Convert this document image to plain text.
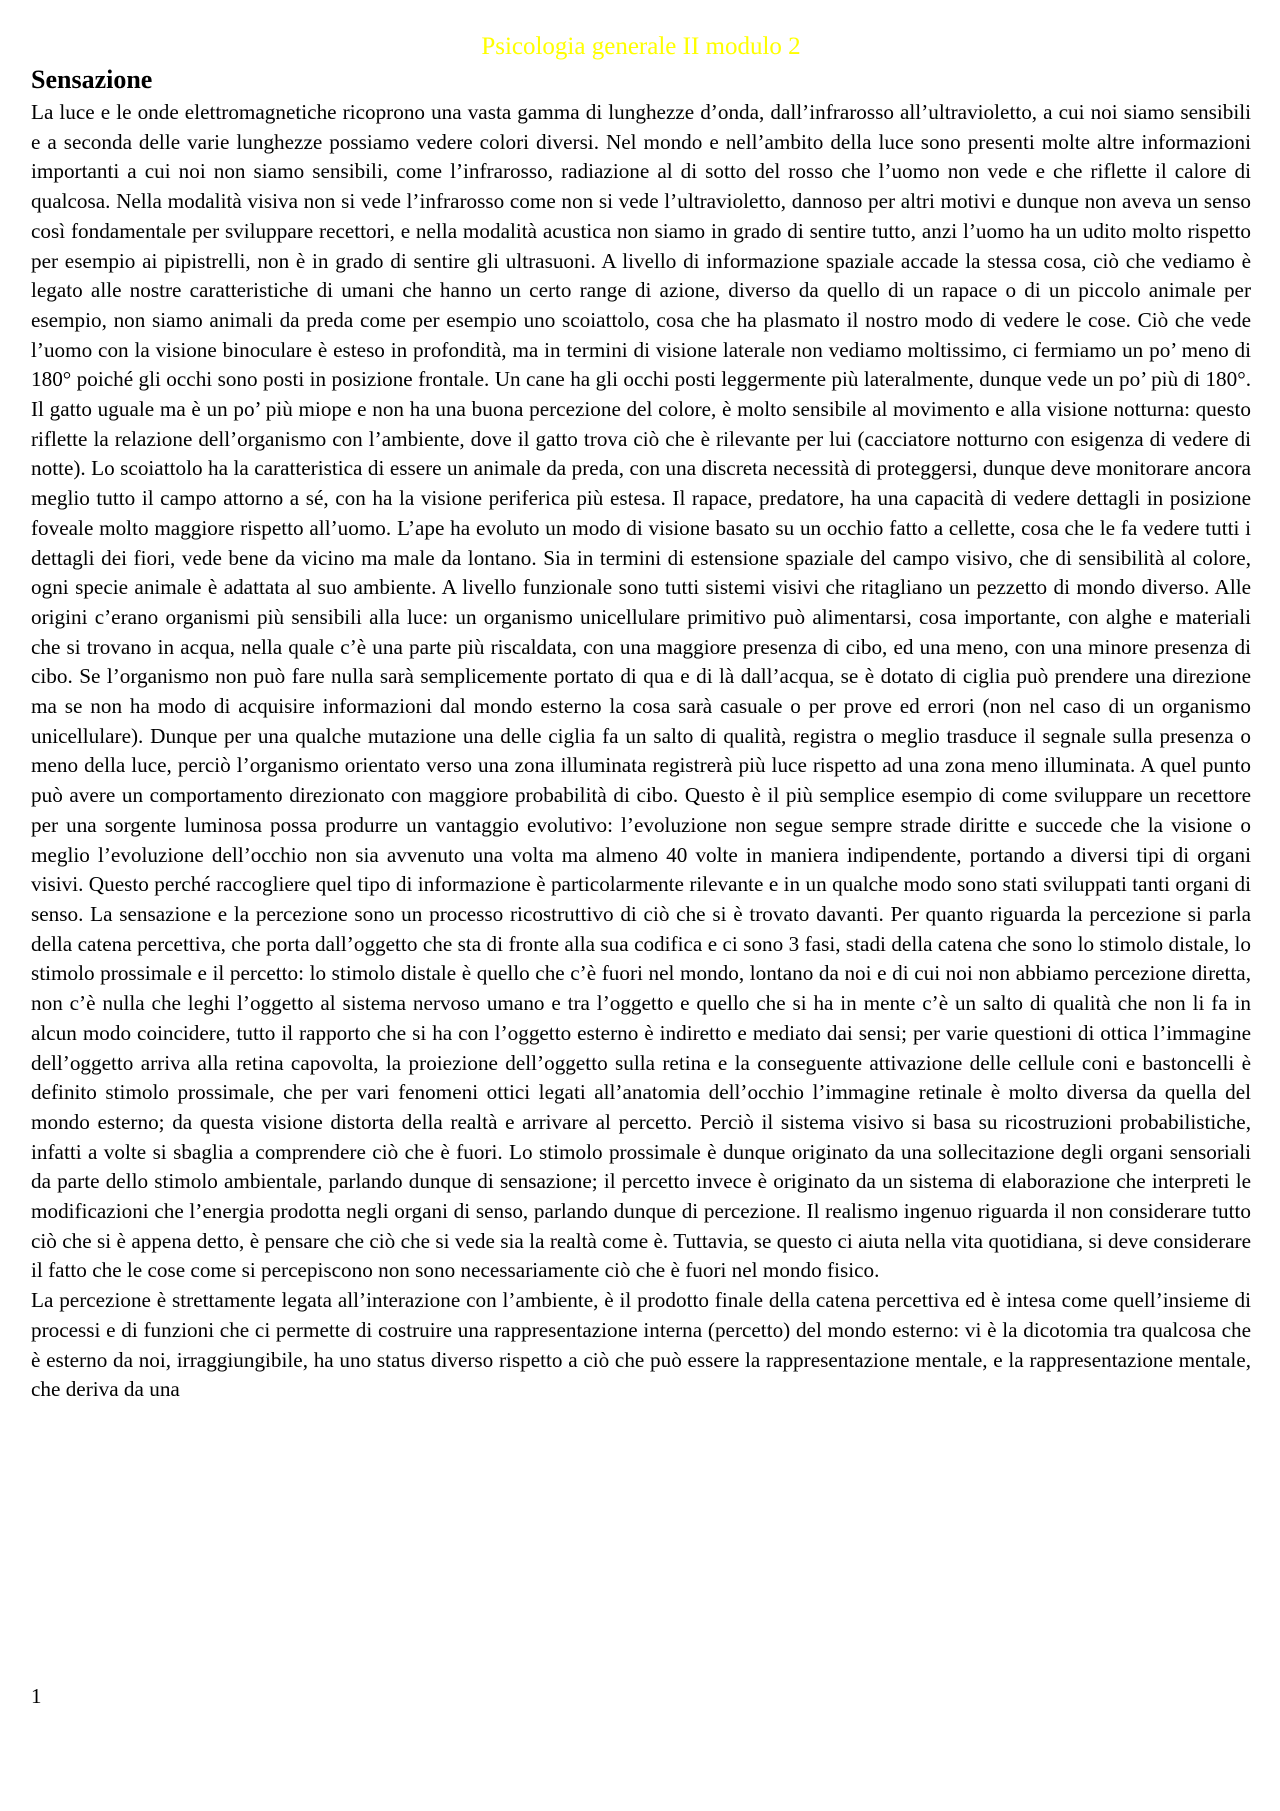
Psicologia generale II modulo 2
Sensazione

La luce e le onde elettromagnetiche ricoprono una vasta gamma di lunghezze d’onda, dall’infrarosso all’ultravioletto, a cui noi siamo sensibili e a seconda delle varie lunghezze possiamo vedere colori diversi. Nel mondo e nell’ambito della luce sono presenti molte altre informazioni importanti a cui noi non siamo sensibili, come l’infrarosso, radiazione al di sotto del rosso che l’uomo non vede e che riflette il calore di qualcosa. Nella modalità visiva non si vede l’infrarosso come non si vede l’ultravioletto, dannoso per altri motivi e dunque non aveva un senso così fondamentale per sviluppare recettori, e nella modalità acustica non siamo in grado di sentire tutto, anzi l’uomo ha un udito molto rispetto per esempio ai pipistrelli, non è in grado di sentire gli ultrasuoni. A livello di informazione spaziale accade la stessa cosa, ciò che vediamo è legato alle nostre caratteristiche di umani che hanno un certo range di azione, diverso da quello di un rapace o di un piccolo animale per esempio, non siamo animali da preda come per esempio uno scoiattolo, cosa che ha plasmato il nostro modo di vedere le cose. Ciò che vede l’uomo con la visione binoculare è esteso in profondità, ma in termini di visione laterale non vediamo moltissimo, ci fermiamo un po’ meno di 180° poiché gli occhi sono posti in posizione frontale. Un cane ha gli occhi posti leggermente più lateralmente, dunque vede un po’ più di 180°. Il gatto uguale ma è un po’ più miope e non ha una buona percezione del colore, è molto sensibile al movimento e alla visione notturna: questo riflette la relazione dell’organismo con l’ambiente, dove il gatto trova ciò che è rilevante per lui (cacciatore notturno con esigenza di vedere di notte). Lo scoiattolo ha la caratteristica di essere un animale da preda, con una discreta necessità di proteggersi, dunque deve monitorare ancora meglio tutto il campo attorno a sé, con ha la visione periferica più estesa. Il rapace, predatore, ha una capacità di vedere dettagli in posizione foveale molto maggiore rispetto all’uomo. L’ape ha evoluto un modo di visione basato su un occhio fatto a cellette, cosa che le fa vedere tutti i dettagli dei fiori, vede bene da vicino ma male da lontano. Sia in termini di estensione spaziale del campo visivo, che di sensibilità al colore, ogni specie animale è adattata al suo ambiente. A livello funzionale sono tutti sistemi visivi che ritagliano un pezzetto di mondo diverso. Alle origini c’erano organismi più sensibili alla luce: un organismo unicellulare primitivo può alimentarsi, cosa importante, con alghe e materiali che si trovano in acqua, nella quale c’è una parte più riscaldata, con una maggiore presenza di cibo, ed una meno, con una minore presenza di cibo. Se l’organismo non può fare nulla sarà semplicemente portato di qua e di là dall’acqua, se è dotato di ciglia può prendere una direzione ma se non ha modo di acquisire informazioni dal mondo esterno la cosa sarà casuale o per prove ed errori (non nel caso di un organismo unicellulare). Dunque per una qualche mutazione una delle ciglia fa un salto di qualità, registra o meglio trasduce il segnale sulla presenza o meno della luce, perciò l’organismo orientato verso una zona illuminata registrerà più luce rispetto ad una zona meno illuminata. A quel punto può avere un comportamento direzionato con maggiore probabilità di cibo. Questo è il più semplice esempio di come sviluppare un recettore per una sorgente luminosa possa produrre un vantaggio evolutivo: l’evoluzione non segue sempre strade diritte e succede che la visione o meglio l’evoluzione dell’occhio non sia avvenuto una volta ma almeno 40 volte in maniera indipendente, portando a diversi tipi di organi visivi. Questo perché raccogliere quel tipo di informazione è particolarmente rilevante e in un qualche modo sono stati sviluppati tanti organi di senso. La sensazione e la percezione sono un processo ricostruttivo di ciò che si è trovato davanti. Per quanto riguarda la percezione si parla della catena percettiva, che porta dall’oggetto che sta di fronte alla sua codifica e ci sono 3 fasi, stadi della catena che sono lo stimolo distale, lo stimolo prossimale e il percetto: lo stimolo distale è quello che c’è fuori nel mondo, lontano da noi e di cui noi non abbiamo percezione diretta, non c’è nulla che leghi l’oggetto al sistema nervoso umano e tra l’oggetto e quello che si ha in mente c’è un salto di qualità che non li fa in alcun modo coincidere, tutto il rapporto che si ha con l’oggetto esterno è indiretto e mediato dai sensi; per varie questioni di ottica l’immagine dell’oggetto arriva alla retina capovolta, la proiezione dell’oggetto sulla retina e la conseguente attivazione delle cellule coni e bastoncelli è definito stimolo prossimale, che per vari fenomeni ottici legati all’anatomia dell’occhio l’immagine retinale è molto diversa da quella del mondo esterno; da questa visione distorta della realtà e arrivare al percetto. Perciò il sistema visivo si basa su ricostruzioni probabilistiche, infatti a volte si sbaglia a comprendere ciò che è fuori. Lo stimolo prossimale è dunque originato da una sollecitazione degli organi sensoriali da parte dello stimolo ambientale, parlando dunque di sensazione; il percetto invece è originato da un sistema di elaborazione che interpreti le modificazioni che l’energia prodotta negli organi di senso, parlando dunque di percezione. Il realismo ingenuo riguarda il non considerare tutto ciò che si è appena detto, è pensare che ciò che si vede sia la realtà come è. Tuttavia, se questo ci aiuta nella vita quotidiana, si deve considerare il fatto che le cose come si percepiscono non sono necessariamente ciò che è fuori nel mondo fisico.

La percezione è strettamente legata all’interazione con l’ambiente, è il prodotto finale della catena percettiva ed è intesa come quell’insieme di processi e di funzioni che ci permette di costruire una rappresentazione interna (percetto) del mondo esterno: vi è la dicotomia tra qualcosa che è esterno da noi, irraggiungibile, ha uno status diverso rispetto a ciò che può essere la rappresentazione mentale, e la rappresentazione mentale, che deriva da una

1
